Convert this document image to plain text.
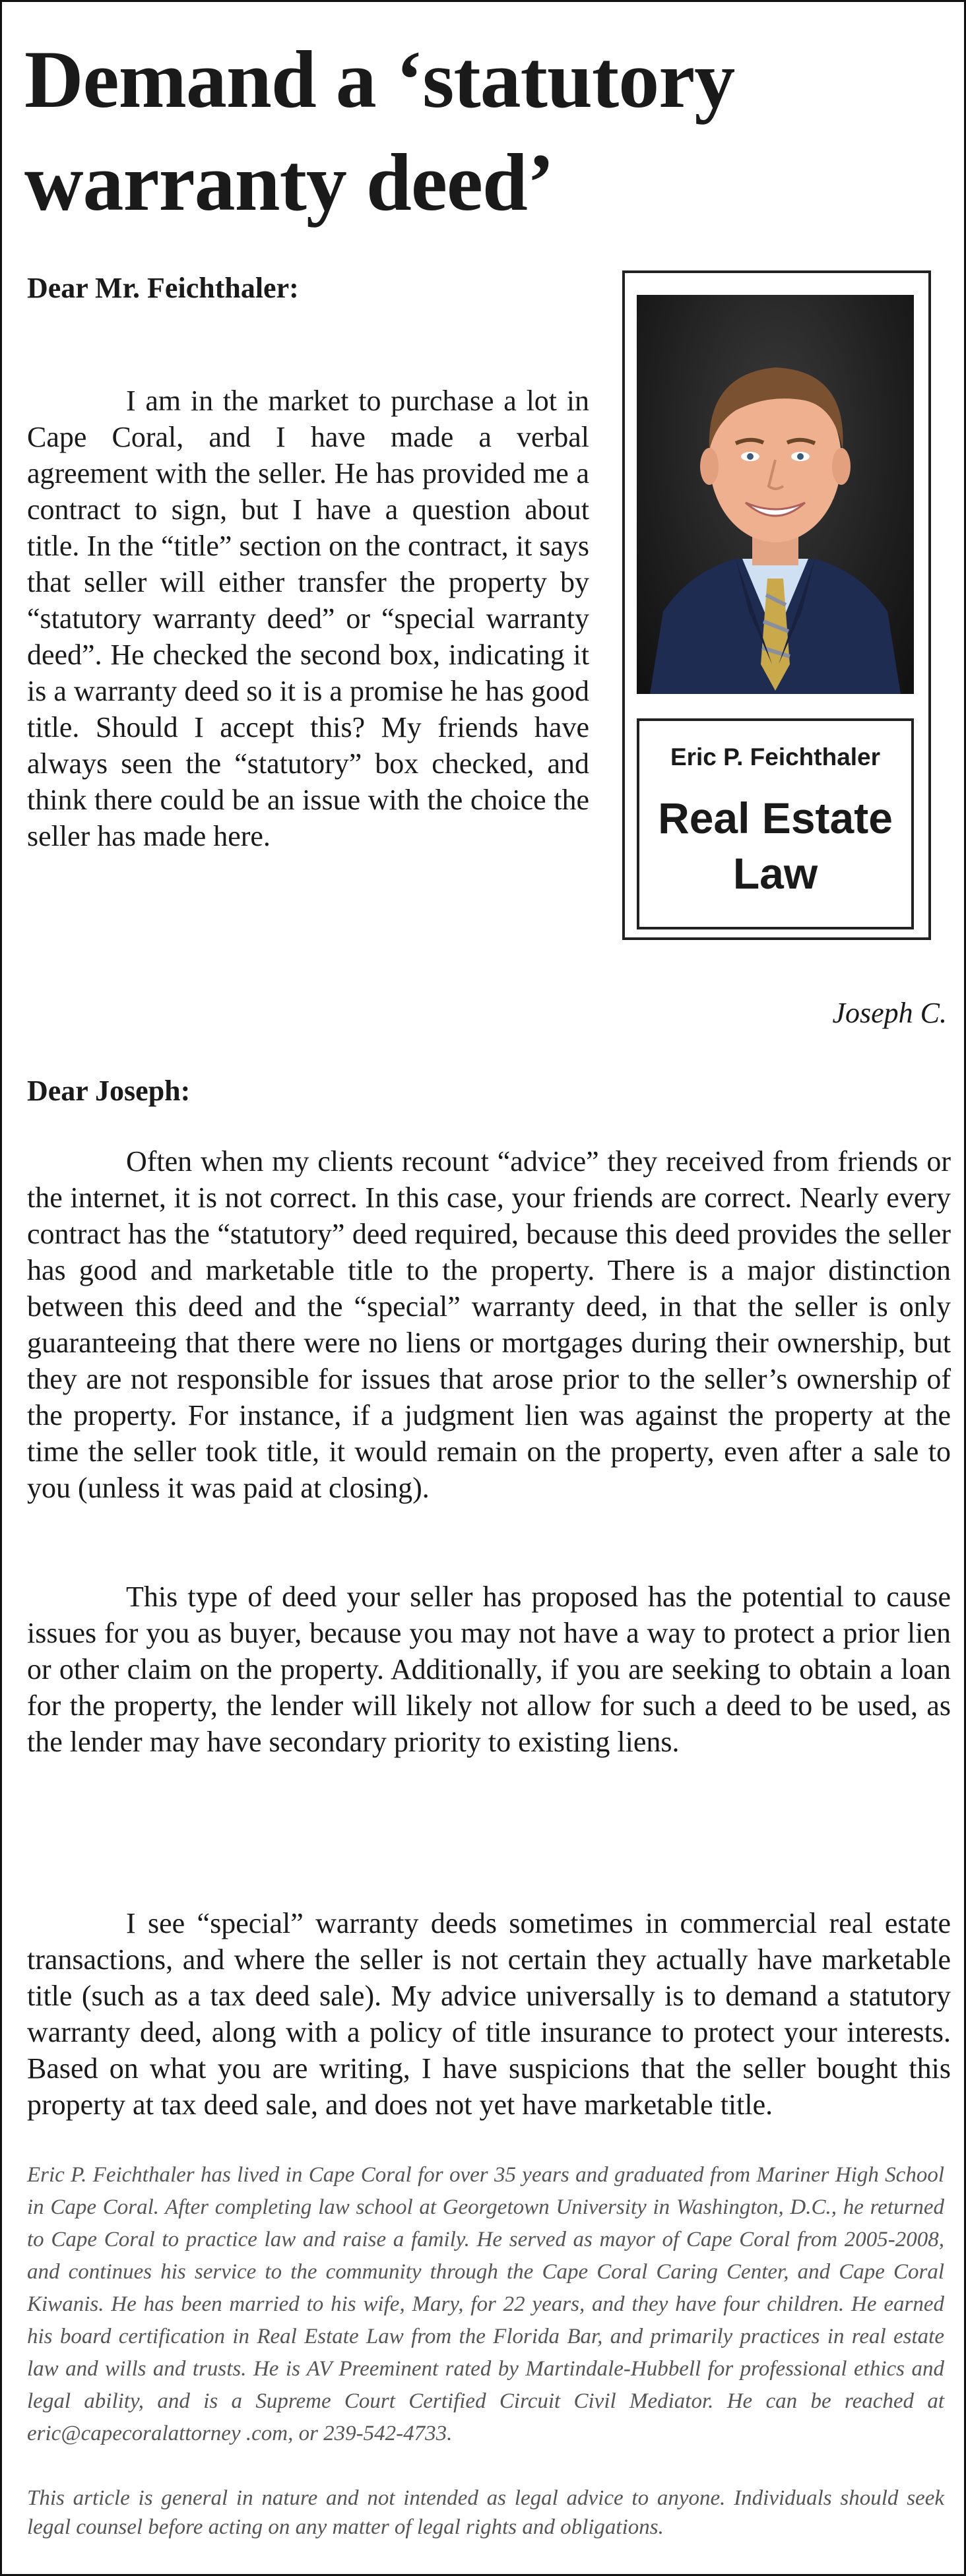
Demand a ‘statutory warranty deed’
Dear Mr. Feichthaler:

I am in the market to purchase a lot in Cape Coral, and I have made a verbal agreement with the seller. He has provided me a contract to sign, but I have a question about title. In the “title” section on the contract, it says that seller will either transfer the property by “statutory warranty deed” or “special warranty deed”. He checked the second box, indicating it is a warranty deed so it is a promise he has good title. Should I accept this? My friends have always seen the “statutory” box checked, and think there could be an issue with the choice the seller has made here.

Eric P. Feichthaler
Real Estate Law
Joseph C.
Dear Joseph:

Often when my clients recount “advice” they received from friends or the internet, it is not correct. In this case, your friends are correct. Nearly every contract has the “statutory” deed required, because this deed provides the seller has good and marketable title to the property. There is a major distinction between this deed and the “special” warranty deed, in that the seller is only guaranteeing that there were no liens or mortgages during their ownership, but they are not responsible for issues that arose prior to the seller’s ownership of the property. For instance, if a judgment lien was against the property at the time the seller took title, it would remain on the property, even after a sale to you (unless it was paid at closing).

This type of deed your seller has proposed has the potential to cause issues for you as buyer, because you may not have a way to protect a prior lien or other claim on the property. Additionally, if you are seeking to obtain a loan for the property, the lender will likely not allow for such a deed to be used, as the lender may have secondary priority to existing liens.

I see “special” warranty deeds sometimes in commercial real estate transactions, and where the seller is not certain they actually have marketable title (such as a tax deed sale). My advice universally is to demand a statutory warranty deed, along with a policy of title insurance to protect your interests. Based on what you are writing, I have suspicions that the seller bought this property at tax deed sale, and does not yet have marketable title.

Eric P. Feichthaler has lived in Cape Coral for over 35 years and graduated from Mariner High School in Cape Coral. After completing law school at Georgetown University in Washington, D.C., he returned to Cape Coral to practice law and raise a family. He served as mayor of Cape Coral from 2005-2008, and continues his service to the community through the Cape Coral Caring Center, and Cape Coral Kiwanis. He has been married to his wife, Mary, for 22 years, and they have four children. He earned his board certification in Real Estate Law from the Florida Bar, and primarily practices in real estate law and wills and trusts. He is AV Preeminent rated by Martindale-Hubbell for professional ethics and legal ability, and is a Supreme Court Certified Circuit Civil Mediator. He can be reached at eric@capecoralattorney .com, or 239-542-4733.

This article is general in nature and not intended as legal advice to anyone. Individuals should seek legal counsel before acting on any matter of legal rights and obligations.
